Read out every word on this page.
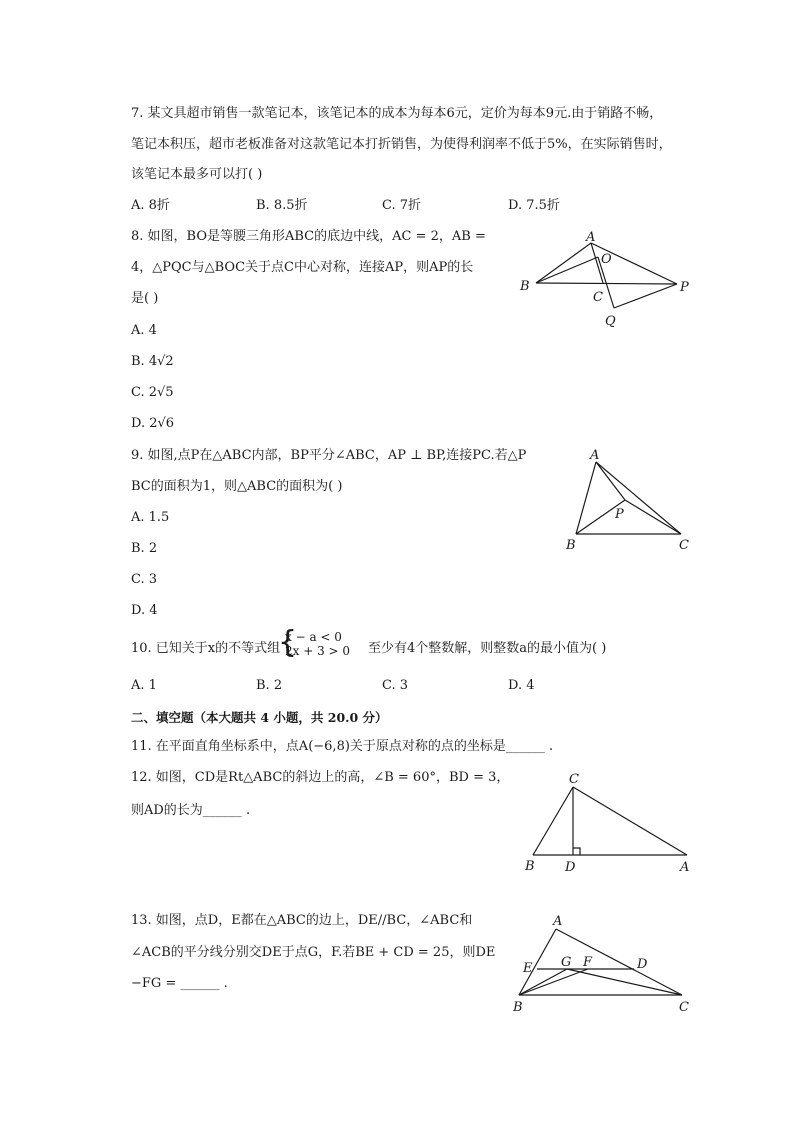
7. 某文具超市销售一款笔记本，该笔记本的成本为每本6元，定价为每本9元.由于销路不畅，
笔记本积压，超市老板准备对这款笔记本打折销售，为使得利润率不低于5%，在实际销售时，
该笔记本最多可以打( )
A. 8折	B. 8.5折	C. 7折	D. 7.5折
8. 如图，BO是等腰三角形ABC的底边中线，AC = 2，AB =
4，△PQC与△BOC关于点C中心对称，连接AP，则AP的长
是( )
A. 4
B. 4√2
C. 2√5
D. 2√6
A
O
B
C
P
Q
9. 如图,点P在△ABC内部，BP平分∠ABC，AP ⊥ BP,连接PC.若△P
BC的面积为1，则△ABC的面积为( )
A. 1.5
B. 2
C. 3
D. 4
A
P
B	C
10. 已知关于x的不等式组
{
x − a < 0
2x + 3 > 0 至少有4个整数解，则整数a的最小值为( )
A. 1	B. 2	C. 3	D. 4
二、填空题（本大题共 4 小题，共 20.0 分）
11. 在平面直角坐标系中，点A(−6,8)关于原点对称的点的坐标是______ .
12. 如图，CD是Rt△ABC的斜边上的高，∠B = 60°，BD = 3，
则AD的长为______ .
C
B D	A
13. 如图，点D，E都在△ABC的边上，DE//BC，∠ABC和
∠ACB的平分线分别交DE于点G，F.若BE + CD = 25，则DE
−FG = ______ .
A
E G F	D
B	C
